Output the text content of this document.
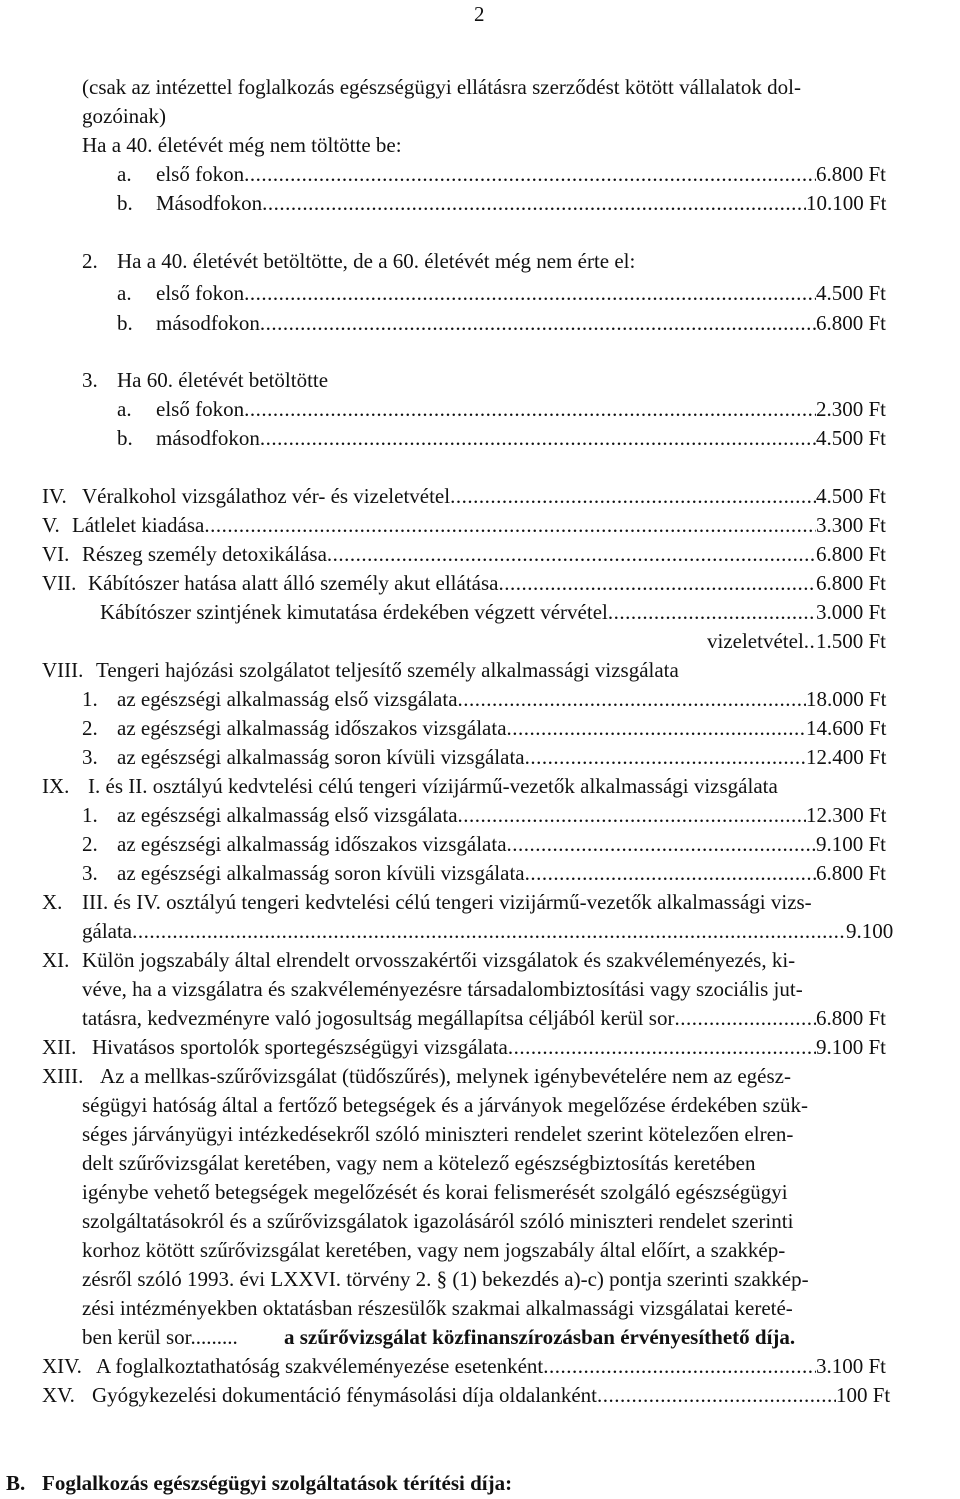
2
(csak az intézettel foglalkozás egészségügyi ellátásra szerződést kötött vállalatok dol-
gozóinak)
Ha a 40. életévét még nem töltötte be:
a. első fokon .....	6.800 Ft
b. Másodfokon .....	10.100 Ft
2. Ha a 40. életévét betöltötte, de a 60. életévét még nem érte el:
a. első fokon .....	4.500 Ft
b. másodfokon .....	6.800 Ft
3. Ha 60. életévét betöltötte
a. első fokon .....	2.300 Ft
b. másodfokon .....	4.500 Ft
IV. Véralkohol vizsgálathoz vér- és vizeletvétel .....	4.500 Ft
V. Látlelet kiadása .....	3.300 Ft
VI. Részeg személy detoxikálása .....	6.800 Ft
VII. Kábítószer hatása alatt álló személy akut ellátása .....	6.800 Ft
Kábítószer szintjének kimutatása érdekében végzett vérvétel .....	3.000 Ft
vizeletvétel ..... 1.500 Ft
VIII. Tengeri hajózási szolgálatot teljesítő személy alkalmassági vizsgálata
1. az egészségi alkalmasság első vizsgálata .....	18.000 Ft
2. az egészségi alkalmasság időszakos vizsgálata .....	14.600 Ft
3. az egészségi alkalmasság soron kívüli vizsgálata .....	12.400 Ft
IX. I. és II. osztályú kedvtelési célú tengeri vízijármű-vezetők alkalmassági vizsgálata
1. az egészségi alkalmasság első vizsgálata .....	12.300 Ft
2. az egészségi alkalmasság időszakos vizsgálata .....	9.100 Ft
3. az egészségi alkalmasság soron kívüli vizsgálata .....	6.800 Ft
X. III. és IV. osztályú tengeri kedvtelési célú tengeri vizijármű-vezetők alkalmassági vizs-
gálata .....	9.100
XI. Külön jogszabály által elrendelt orvosszakértői vizsgálatok és szakvéleményezés, ki-
véve, ha a vizsgálatra és szakvéleményezésre társadalombiztosítási vagy szociális jut-
tatásra, kedvezményre való jogosultság megállapítsa céljából kerül sor .....	6.800 Ft
XII. Hivatásos sportolók sportegészségügyi vizsgálata .....	9.100 Ft
XIII. Az a mellkas-szűrővizsgálat (tüdőszűrés), melynek igénybevételére nem az egész-
ségügyi hatóság által a fertőző betegségek és a járványok megelőzése érdekében szük-
séges járványügyi intézkedésekről szóló miniszteri rendelet szerint kötelezően elren-
delt szűrővizsgálat keretében, vagy nem a kötelező egészségbiztosítás keretében
igénybe vehető betegségek megelőzését és korai felismerését szolgáló egészségügyi
szolgáltatásokról és a szűrővizsgálatok igazolásáról szóló miniszteri rendelet szerinti
korhoz kötött szűrővizsgálat keretében, vagy nem jogszabály által előírt, a szakkép-
zésről szóló 1993. évi LXXVI. törvény 2. § (1) bekezdés a)-c) pontja szerinti szakkép-
zési intézményekben oktatásban részesülők szakmai alkalmassági vizsgálatai kereté-
ben kerül sor......... a szűrővizsgálat közfinanszírozásban érvényesíthető díja.
XIV. A foglalkoztathatóság szakvéleményezése esetenként .....	3.100 Ft
XV. Gyógykezelési dokumentáció fénymásolási díja oldalanként .....	100 Ft
B. Foglalkozás egészségügyi szolgáltatások térítési díja:
